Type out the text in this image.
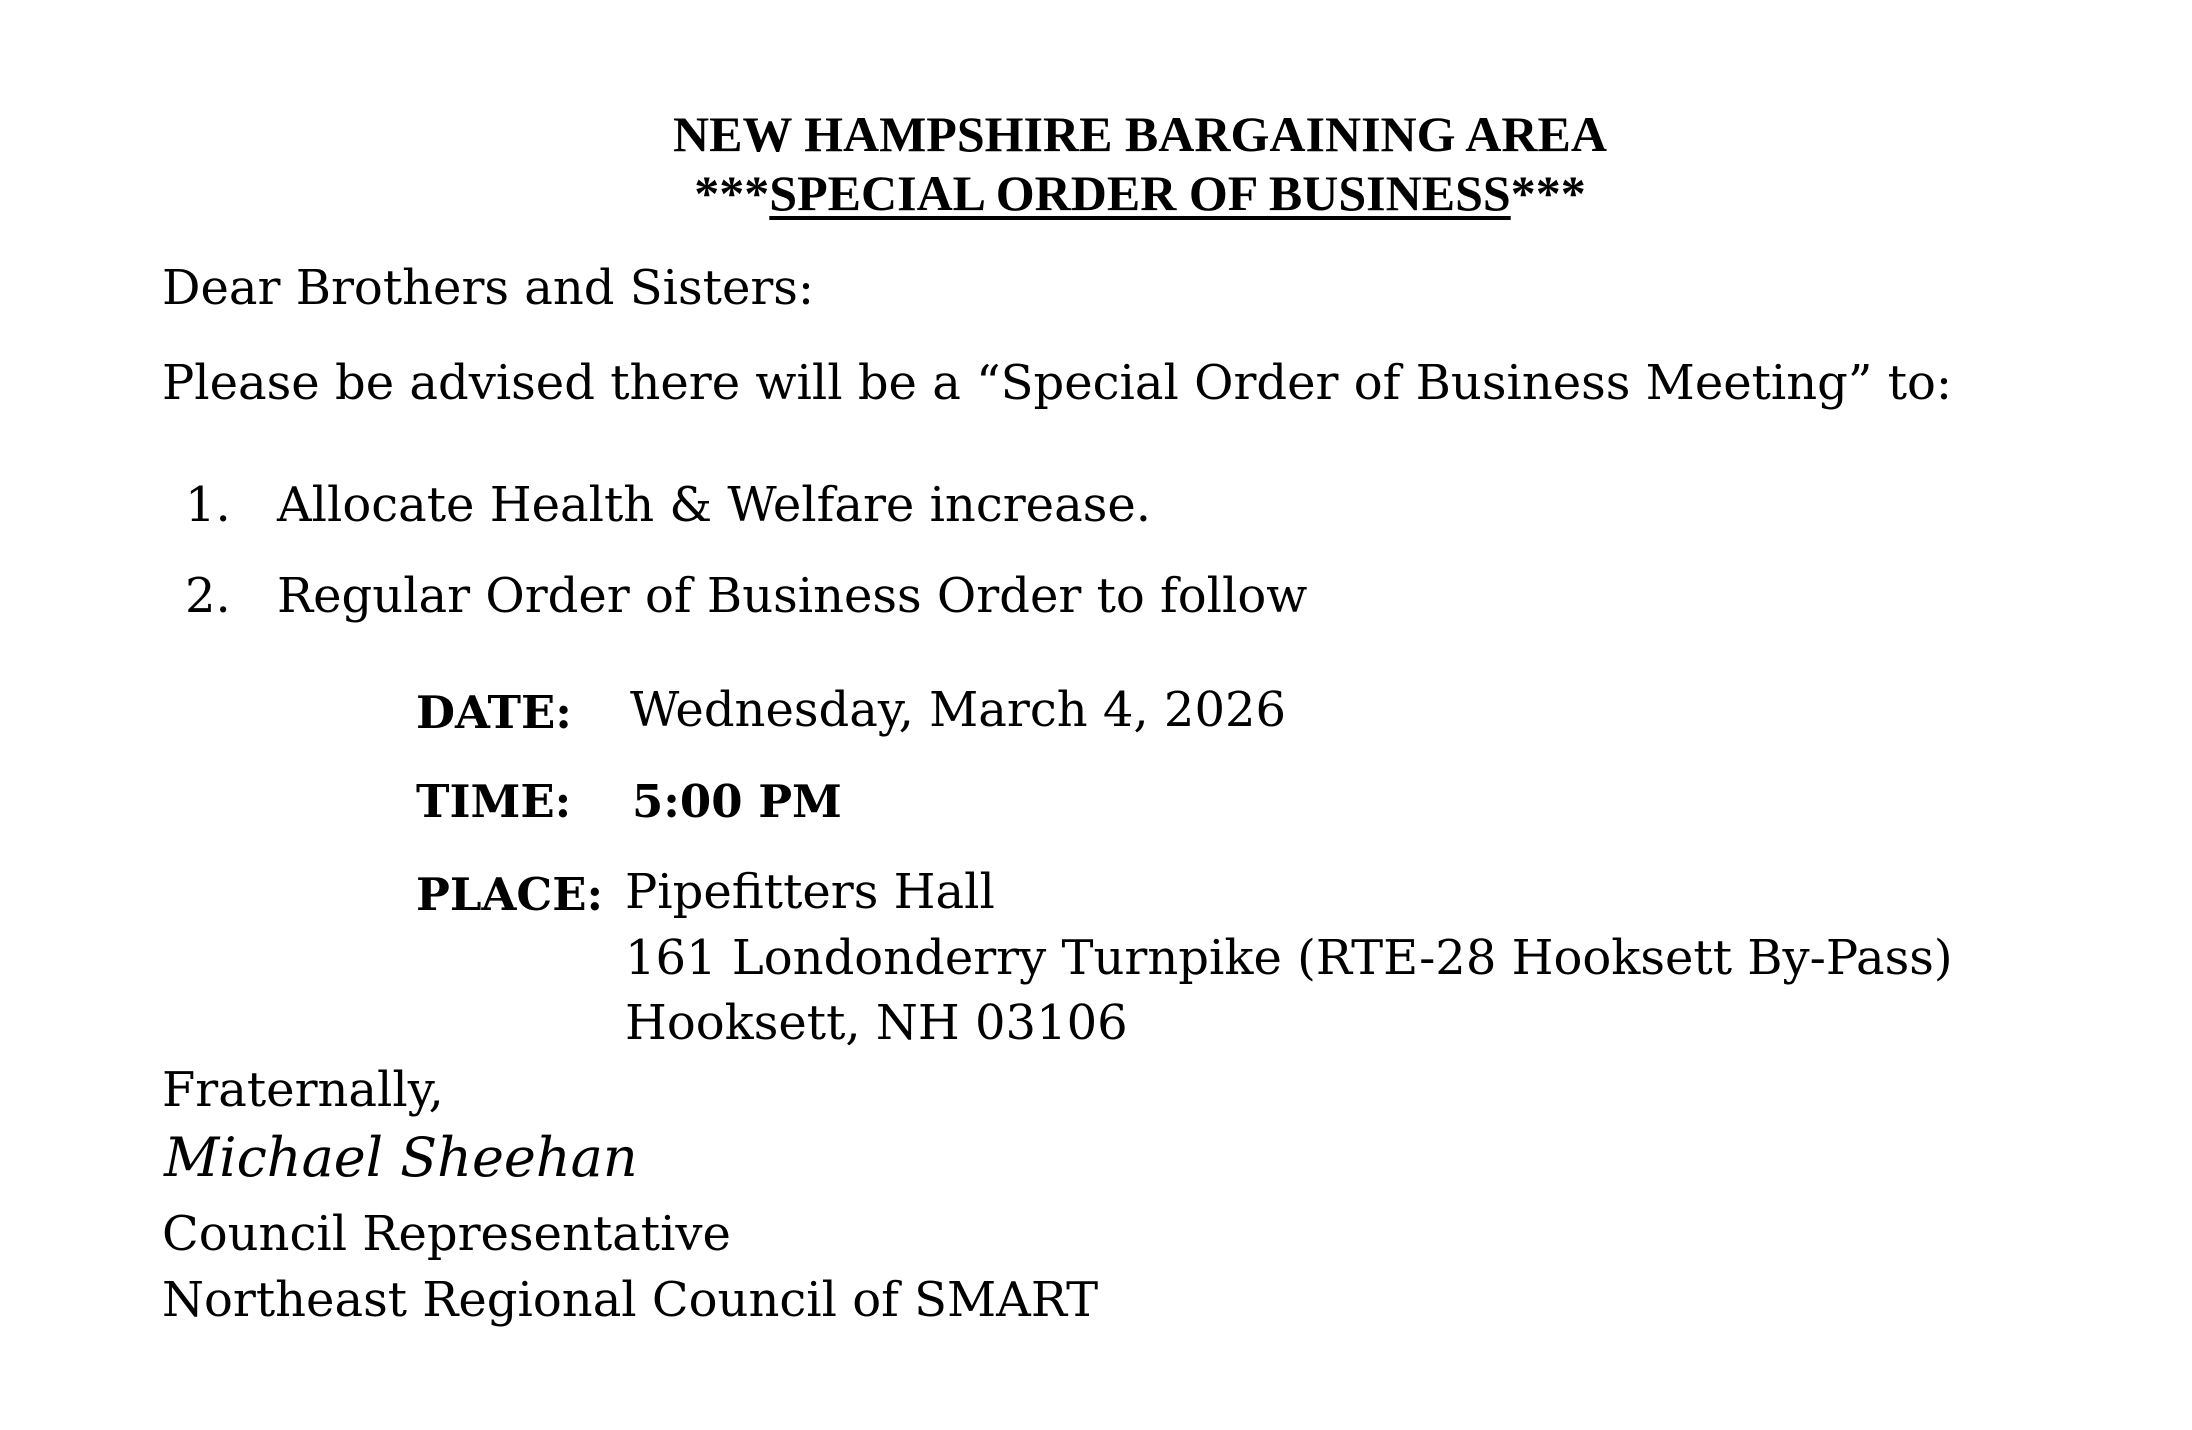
NEW HAMPSHIRE BARGAINING AREA
***SPECIAL ORDER OF BUSINESS***
Dear Brothers and Sisters:
Please be advised there will be a “Special Order of Business Meeting” to:
1. Allocate Health & Welfare increase.
2. Regular Order of Business Order to follow
DATE: Wednesday, March 4, 2026
TIME: 5:00 PM
PLACE: Pipefitters Hall
161 Londonderry Turnpike (RTE-28 Hooksett By-Pass)
Hooksett, NH 03106
Fraternally,
Michael Sheehan
Council Representative
Northeast Regional Council of SMART
